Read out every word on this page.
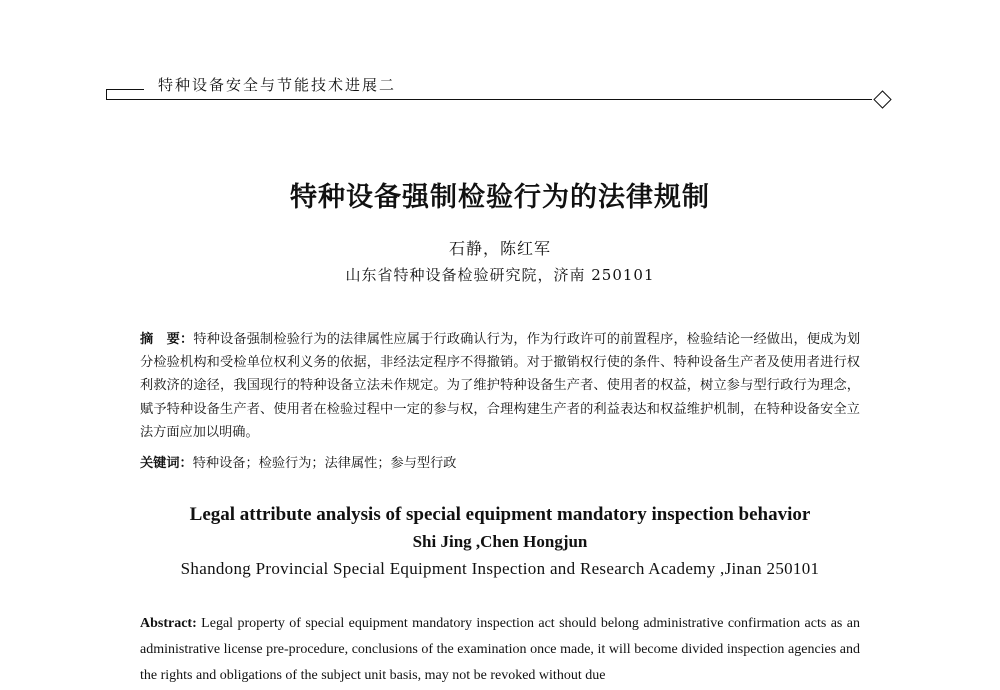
特种设备安全与节能技术进展二
特种设备强制检验行为的法律规制
石静，陈红军
山东省特种设备检验研究院，济南 250101

摘　要：特种设备强制检验行为的法律属性应属于行政确认行为，作为行政许可的前置程序，检验结论一经做出，便成为划分检验机构和受检单位权利义务的依据，非经法定程序不得撤销。对于撤销权行使的条件、特种设备生产者及使用者进行权利救济的途径，我国现行的特种设备立法未作规定。为了维护特种设备生产者、使用者的权益，树立参与型行政行为理念，赋予特种设备生产者、使用者在检验过程中一定的参与权，合理构建生产者的利益表达和权益维护机制，在特种设备安全立法方面应加以明确。

关键词：特种设备；检验行为；法律属性；参与型行政

Legal attribute analysis of special equipment mandatory inspection behavior
Shi Jing ,Chen Hongjun
Shandong Provincial Special Equipment Inspection and Research Academy ,Jinan 250101

Abstract: Legal property of special equipment mandatory inspection act should belong administrative confirmation acts as an administrative license pre-procedure, conclusions of the examination once made, it will become divided inspection agencies and the rights and obligations of the subject unit basis, may not be revoked without due
